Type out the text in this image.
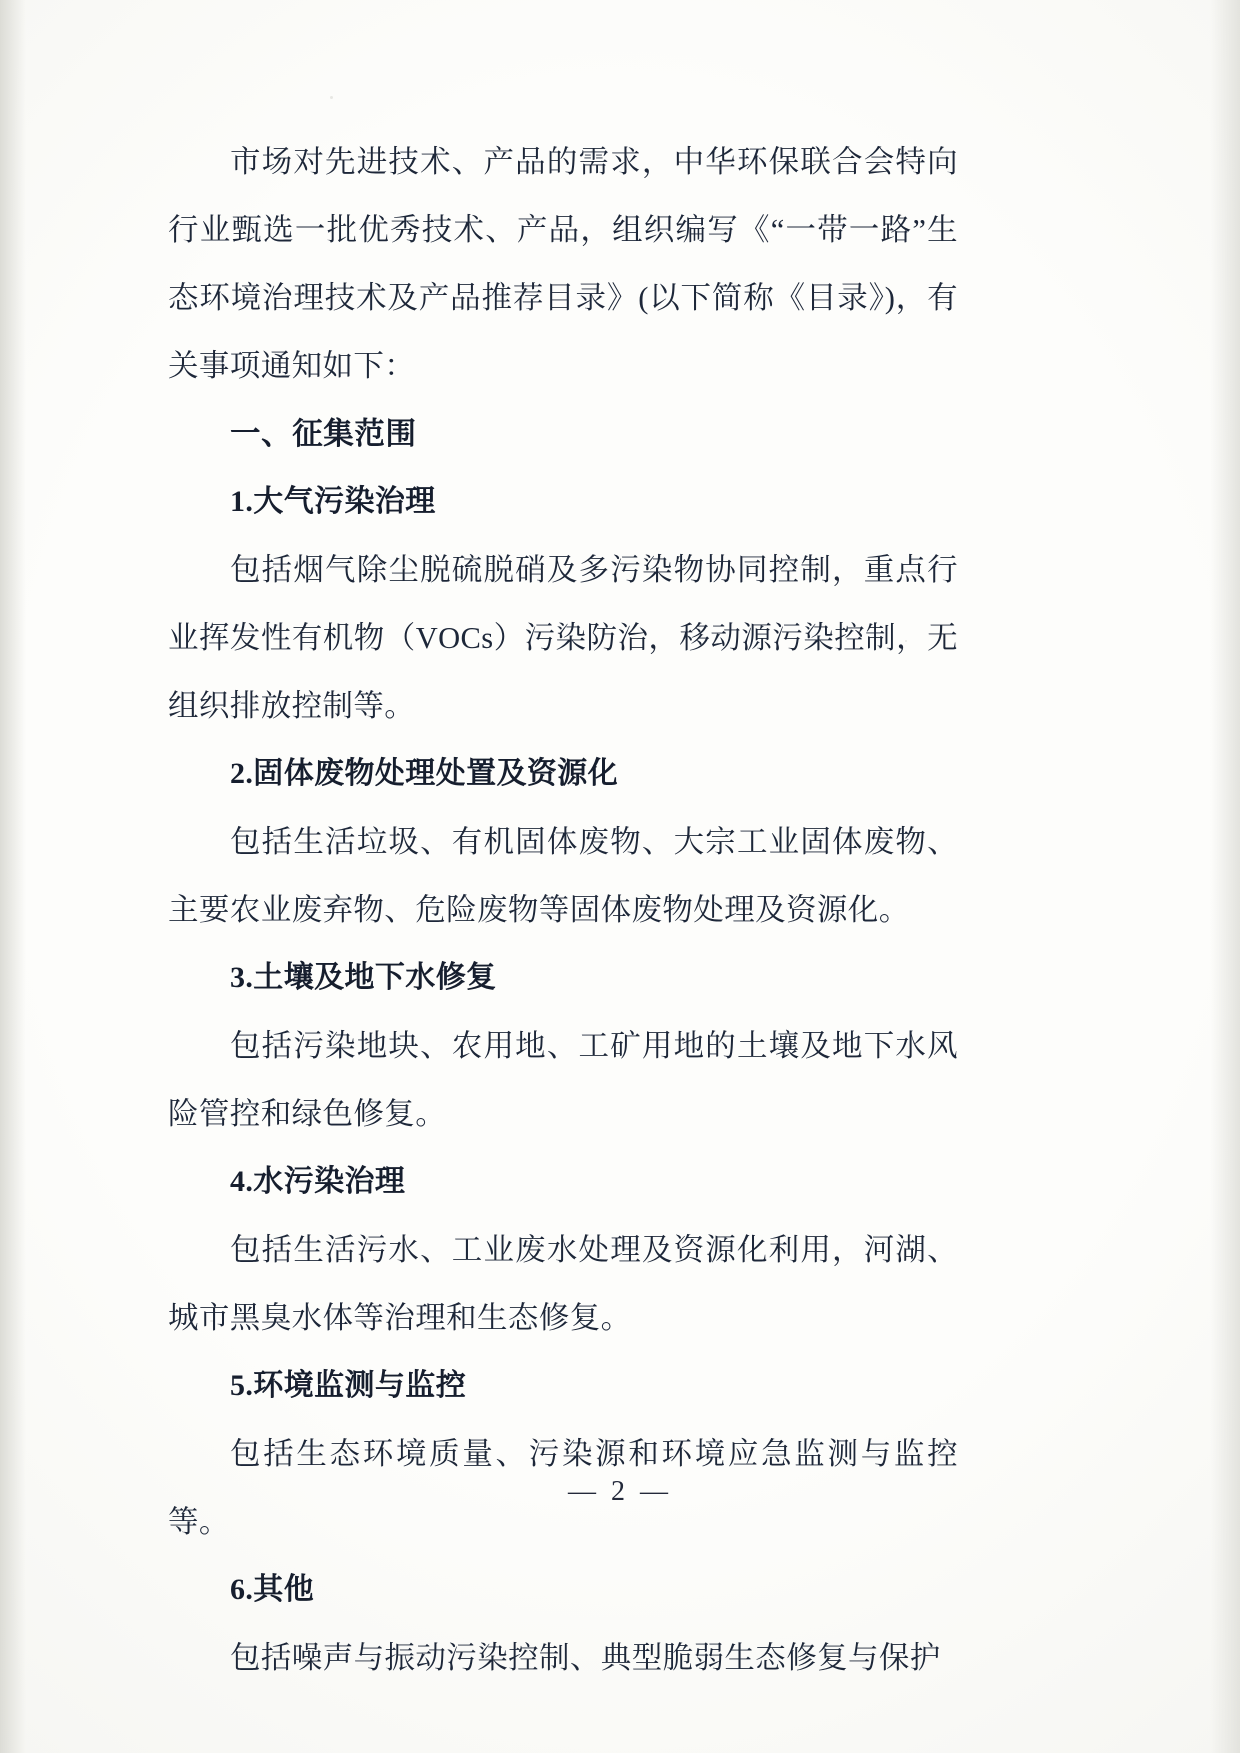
市场对先进技术、产品的需求，中华环保联合会特向行业甄选一批优秀技术、产品，组织编写《“一带一路”生态环境治理技术及产品推荐目录》(以下简称《目录》)，有关事项通知如下：

一、征集范围

1.大气污染治理

包括烟气除尘脱硫脱硝及多污染物协同控制，重点行业挥发性有机物（VOCs）污染防治，移动源污染控制，无组织排放控制等。

2.固体废物处理处置及资源化

包括生活垃圾、有机固体废物、大宗工业固体废物、主要农业废弃物、危险废物等固体废物处理及资源化。

3.土壤及地下水修复

包括污染地块、农用地、工矿用地的土壤及地下水风险管控和绿色修复。

4.水污染治理

包括生活污水、工业废水处理及资源化利用，河湖、城市黑臭水体等治理和生态修复。

5.环境监测与监控

包括生态环境质量、污染源和环境应急监测与监控等。

6.其他

包括噪声与振动污染控制、典型脆弱生态修复与保护

— 2 —
